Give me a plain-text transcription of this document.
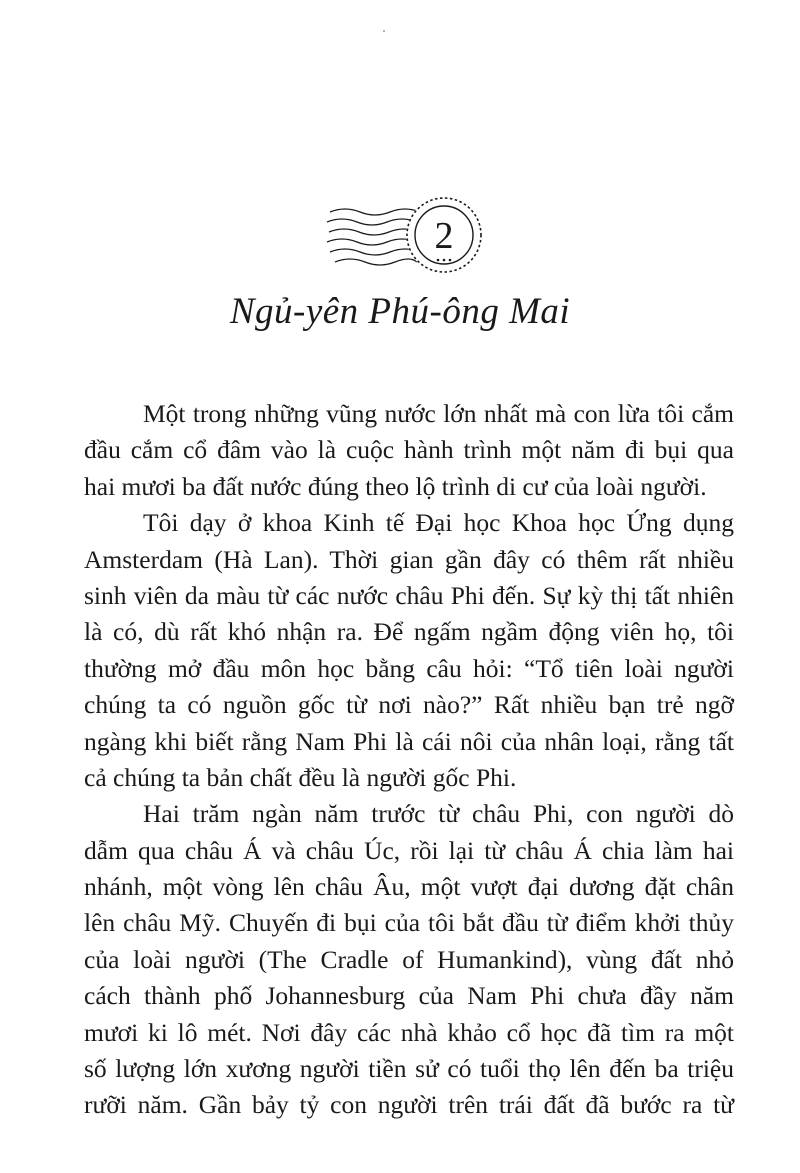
2
Ngủ-yên Phú-ông Mai
Một trong những vũng nước lớn nhất mà con lừa tôi cắm
đầu cắm cổ đâm vào là cuộc hành trình một năm đi bụi qua
hai mươi ba đất nước đúng theo lộ trình di cư của loài người.
Tôi dạy ở khoa Kinh tế Đại học Khoa học Ứng dụng
Amsterdam (Hà Lan). Thời gian gần đây có thêm rất nhiều
sinh viên da màu từ các nước châu Phi đến. Sự kỳ thị tất nhiên
là có, dù rất khó nhận ra. Để ngấm ngầm động viên họ, tôi
thường mở đầu môn học bằng câu hỏi: “Tổ tiên loài người
chúng ta có nguồn gốc từ nơi nào?” Rất nhiều bạn trẻ ngỡ
ngàng khi biết rằng Nam Phi là cái nôi của nhân loại, rằng tất
cả chúng ta bản chất đều là người gốc Phi.
Hai trăm ngàn năm trước từ châu Phi, con người dò
dẫm qua châu Á và châu Úc, rồi lại từ châu Á chia làm hai
nhánh, một vòng lên châu Âu, một vượt đại dương đặt chân
lên châu Mỹ. Chuyến đi bụi của tôi bắt đầu từ điểm khởi thủy
của loài người (The Cradle of Humankind), vùng đất nhỏ
cách thành phố Johannesburg của Nam Phi chưa đầy năm
mươi ki lô mét. Nơi đây các nhà khảo cổ học đã tìm ra một
số lượng lớn xương người tiền sử có tuổi thọ lên đến ba triệu
rưỡi năm. Gần bảy tỷ con người trên trái đất đã bước ra từ
